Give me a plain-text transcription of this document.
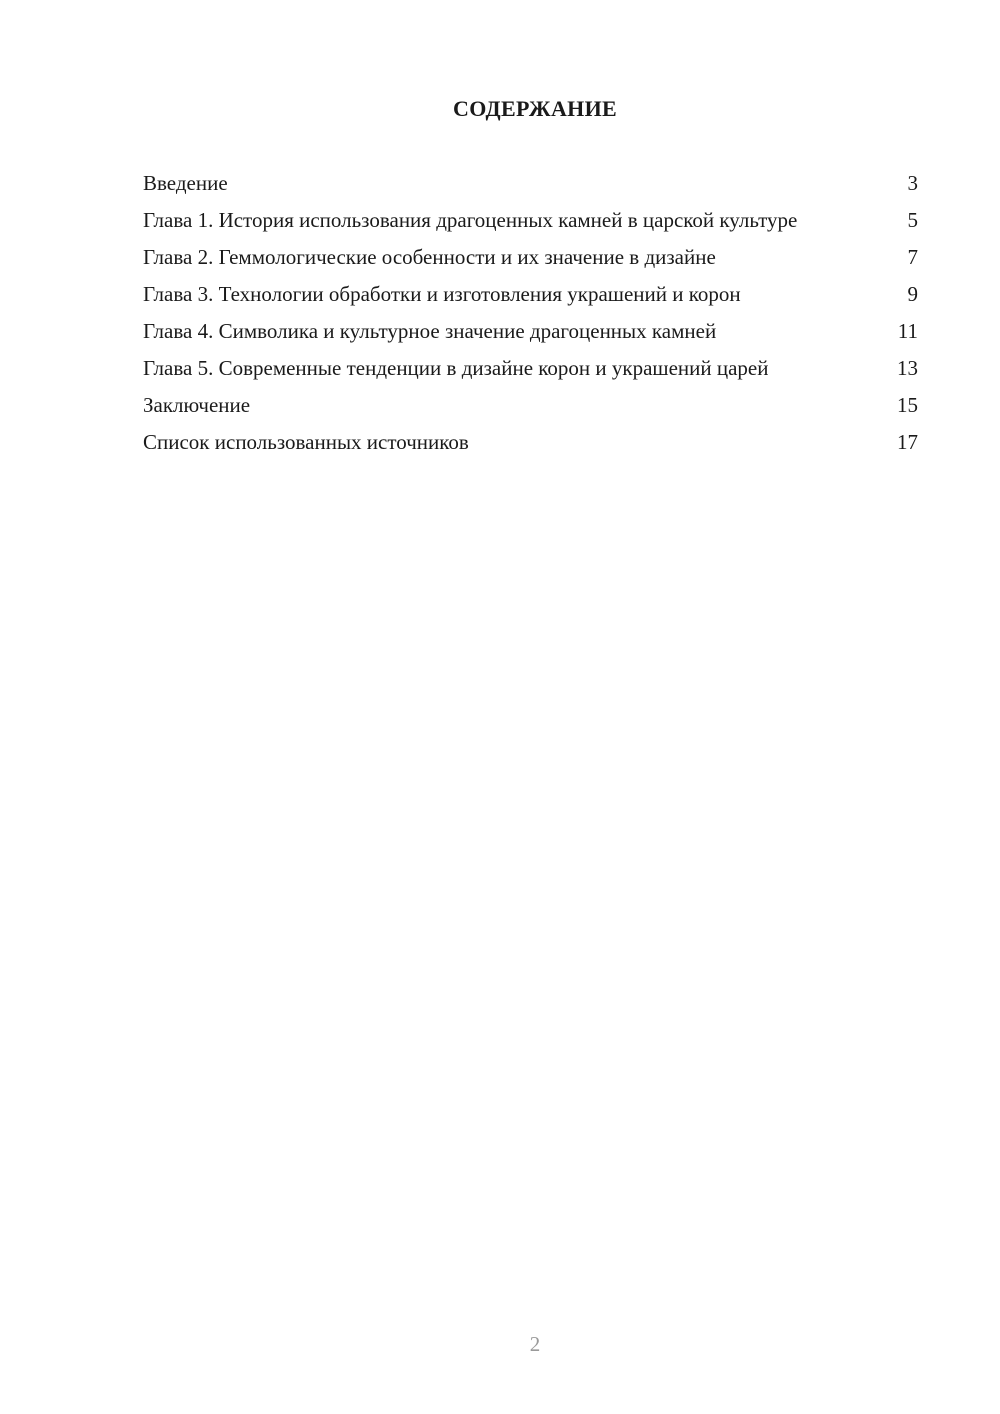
СОДЕРЖАНИЕ
Введение	3
Глава 1. История использования драгоценных камней в царской культуре	5
Глава 2. Геммологические особенности и их значение в дизайне	7
Глава 3. Технологии обработки и изготовления украшений и корон	9
Глава 4. Символика и культурное значение драгоценных камней	11
Глава 5. Современные тенденции в дизайне корон и украшений царей	13
Заключение	15
Список использованных источников	17
2
